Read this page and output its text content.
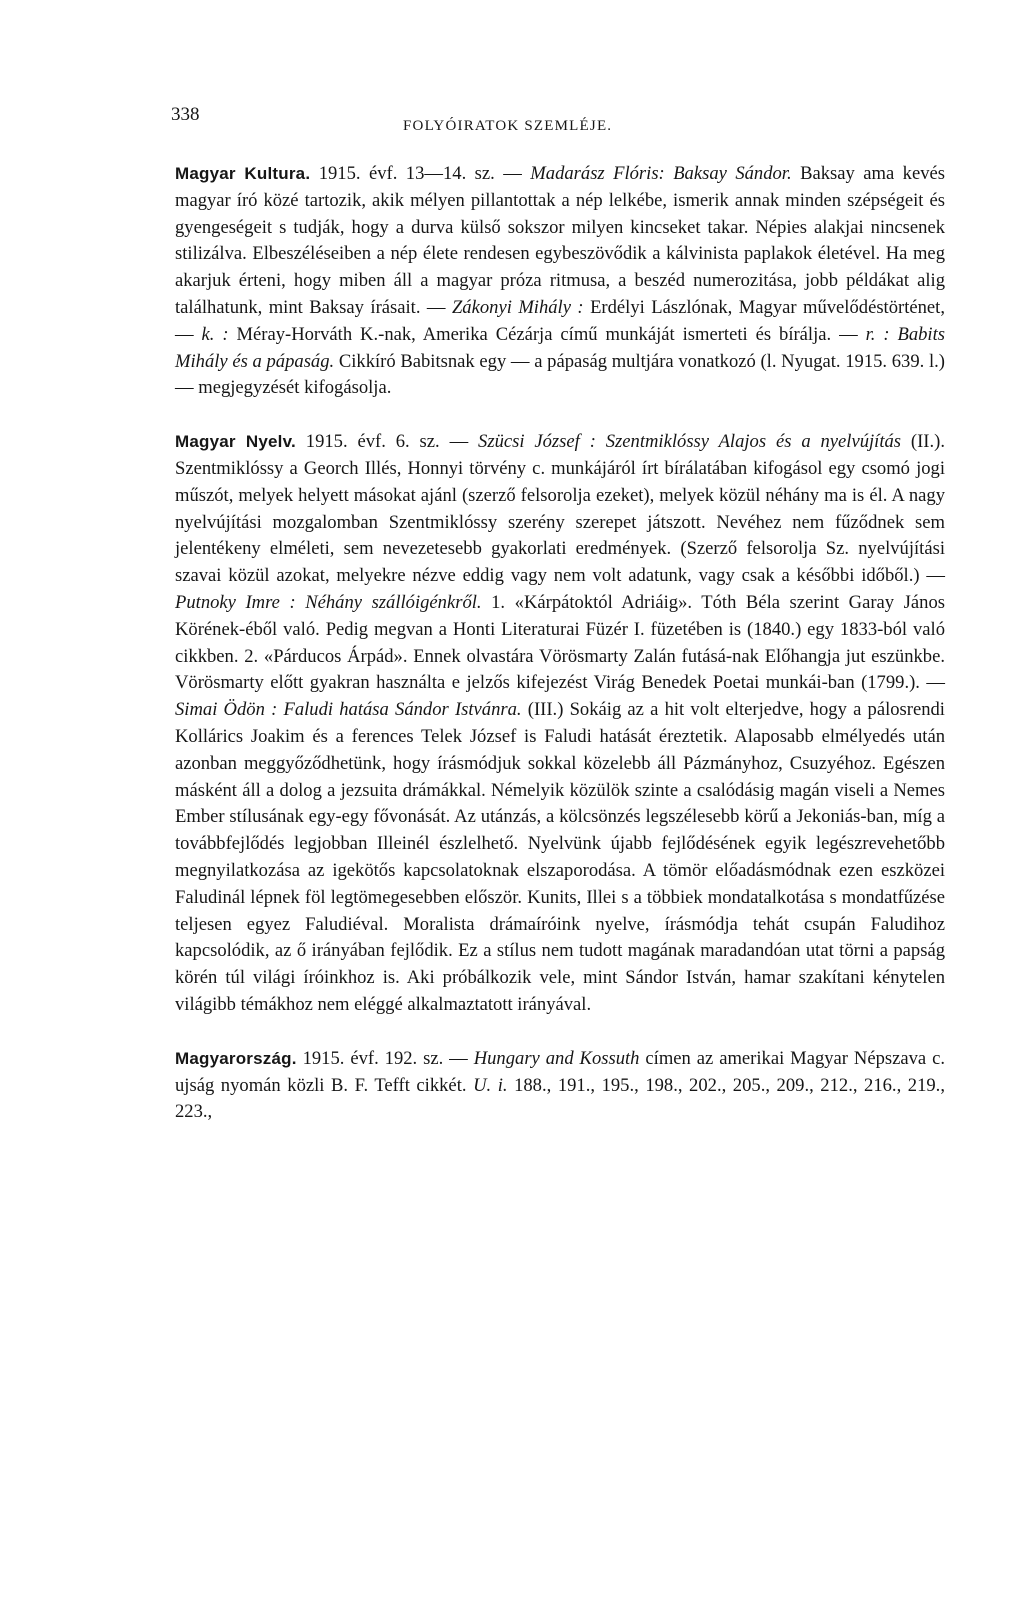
338
FOLYÓIRATOK SZEMLÉJE.

Magyar Kultura. 1915. évf. 13—14. sz. — Madarász Flóris: Baksay Sándor. Baksay ama kevés magyar író közé tartozik, akik mélyen pillantottak a nép lelkébe, ismerik annak minden szépségeit és gyengeségeit s tudják, hogy a durva külső sokszor milyen kincseket takar. Népies alakjai nincsenek stilizálva. Elbeszéléseiben a nép élete rendesen egybeszövődik a kálvinista paplakok életével. Ha meg akarjuk érteni, hogy miben áll a magyar próza ritmusa, a beszéd numerozitása, jobb példákat alig találhatunk, mint Baksay írásait. — Zákonyi Mihály : Erdélyi Lászlónak, Magyar művelődéstörténet, — k. : Méray-Horváth K.-nak, Amerika Cézárja című munkáját ismerteti és bírálja. — r. : Babits Mihály és a pápaság. Cikkíró Babitsnak egy — a pápaság multjára vonatkozó (l. Nyugat. 1915. 639. l.) — megjegyzését kifogásolja.

Magyar Nyelv. 1915. évf. 6. sz. — Szücsi József : Szentmiklóssy Alajos és a nyelvújítás (II.). Szentmiklóssy a Georch Illés, Honnyi törvény c. munkájáról írt bírálatában kifogásol egy csomó jogi műszót, melyek helyett másokat ajánl (szerző felsorolja ezeket), melyek közül néhány ma is él. A nagy nyelvújítási mozgalomban Szentmiklóssy szerény szerepet játszott. Nevéhez nem fűződnek sem jelentékeny elméleti, sem nevezetesebb gyakorlati eredmények. (Szerző felsorolja Sz. nyelvújítási szavai közül azokat, melyekre nézve eddig vagy nem volt adatunk, vagy csak a későbbi időből.) — Putnoky Imre : Néhány szállóigénkről. 1. «Kárpátoktól Adriáig». Tóth Béla szerint Garay János Körének-éből való. Pedig megvan a Honti Literaturai Füzér I. füzetében is (1840.) egy 1833-ból való cikkben. 2. «Párducos Árpád». Ennek olvastára Vörösmarty Zalán futásá-nak Előhangja jut eszünkbe. Vörösmarty előtt gyakran használta e jelzős kifejezést Virág Benedek Poetai munkái-ban (1799.). — Simai Ödön : Faludi hatása Sándor Istvánra. (III.) Sokáig az a hit volt elterjedve, hogy a pálosrendi Kollárics Joakim és a ferences Telek József is Faludi hatását éreztetik. Alaposabb elmélyedés után azonban meggyőződhetünk, hogy írásmódjuk sokkal közelebb áll Pázmányhoz, Csuzyéhoz. Egészen másként áll a dolog a jezsuita drámákkal. Némelyik közülök szinte a csalódásig magán viseli a Nemes Ember stílusának egy-egy fővonását. Az utánzás, a kölcsönzés legszélesebb körű a Jekoniás-ban, míg a továbbfejlődés legjobban Illeinél észlelhető. Nyelvünk újabb fejlődésének egyik legészrevehetőbb megnyilatkozása az igekötős kapcsolatoknak elszaporodása. A tömör előadásmódnak ezen eszközei Faludinál lépnek föl legtömegesebben először. Kunits, Illei s a többiek mondatalkotása s mondatfűzése teljesen egyez Faludiéval. Moralista drámaíróink nyelve, írásmódja tehát csupán Faludihoz kapcsolódik, az ő irányában fejlődik. Ez a stílus nem tudott magának maradandóan utat törni a papság körén túl világi íróinkhoz is. Aki próbálkozik vele, mint Sándor István, hamar szakítani kénytelen világibb témákhoz nem eléggé alkalmaztatott irányával.

Magyarország. 1915. évf. 192. sz. — Hungary and Kossuth címen az amerikai Magyar Népszava c. ujság nyomán közli B. F. Tefft cikkét. U. i. 188., 191., 195., 198., 202., 205., 209., 212., 216., 219., 223.,
